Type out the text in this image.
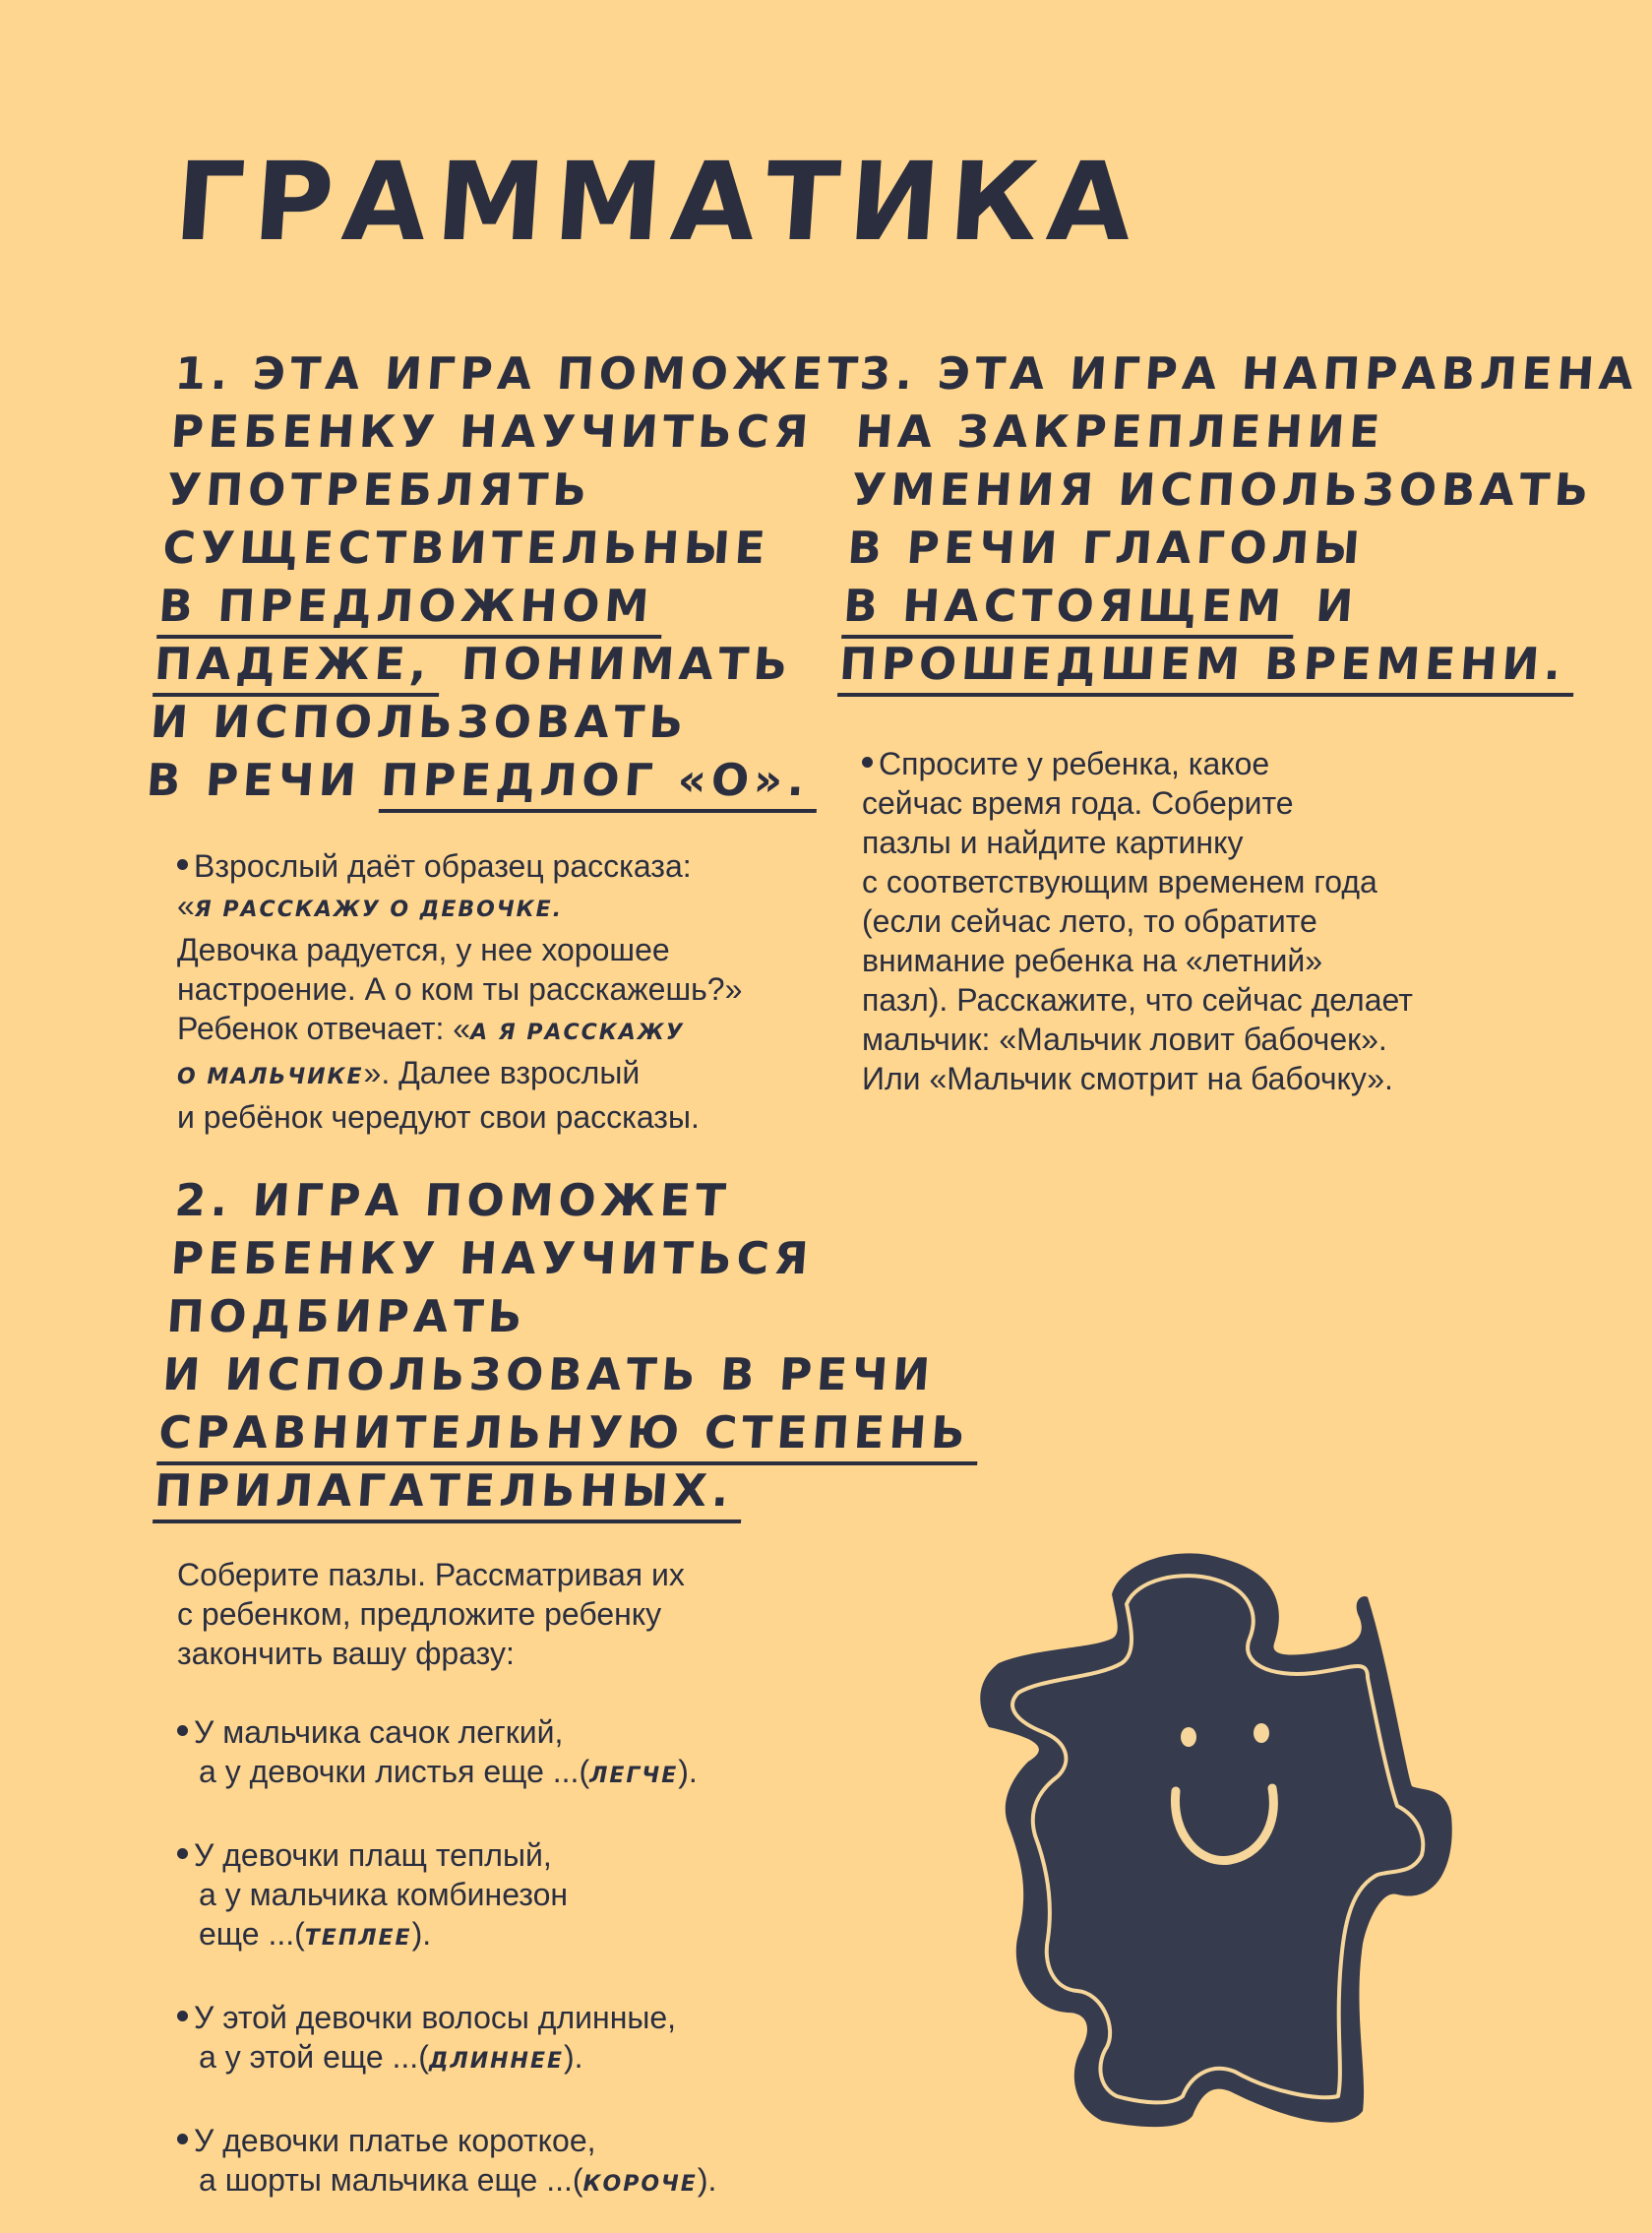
ГРАММАТИКА
1. ЭТА ИГРА ПОМОЖЕТ
РЕБЕНКУ НАУЧИТЬСЯ
УПОТРЕБЛЯТЬ
СУЩЕСТВИТЕЛЬНЫЕ
В ПРЕДЛОЖНОМ
ПАДЕЖЕ, ПОНИМАТЬ
И ИСПОЛЬЗОВАТЬ
В РЕЧИ ПРЕДЛОГ «О».
Взрослый даёт образец рассказа:
«Я РАССКАЖУ О ДЕВОЧКЕ.
Девочка радуется, у нее хорошее
настроение. А о ком ты расскажешь?»
Ребенок отвечает: «А Я РАССКАЖУ
О МАЛЬЧИКЕ». Далее взрослый
и ребёнок чередуют свои рассказы.
2. ИГРА ПОМОЖЕТ
РЕБЕНКУ НАУЧИТЬСЯ
ПОДБИРАТЬ
И ИСПОЛЬЗОВАТЬ В РЕЧИ
СРАВНИТЕЛЬНУЮ СТЕПЕНЬ
ПРИЛАГАТЕЛЬНЫХ.
Соберите пазлы. Рассматривая их
с ребенком, предложите ребенку
закончить вашу фразу:
У мальчика сачок легкий,
а у девочки листья еще ...(ЛЕГЧЕ).
У девочки плащ теплый,
а у мальчика комбинезон
еще ...(ТЕПЛЕЕ).
У этой девочки волосы длинные,
а у этой еще ...(ДЛИННЕЕ).
У девочки платье короткое,
а шорты мальчика еще ...(КОРОЧЕ).
3. ЭТА ИГРА НАПРАВЛЕНА
НА ЗАКРЕПЛЕНИЕ
УМЕНИЯ ИСПОЛЬЗОВАТЬ
В РЕЧИ ГЛАГОЛЫ
В НАСТОЯЩЕМ И
ПРОШЕДШЕМ ВРЕМЕНИ.
Спросите у ребенка, какое
сейчас время года. Соберите
пазлы и найдите картинку
с соответствующим временем года
(если сейчас лето, то обратите
внимание ребенка на «летний»
пазл). Расскажите, что сейчас делает
мальчик: «Мальчик ловит бабочек».
Или «Мальчик смотрит на бабочку».
